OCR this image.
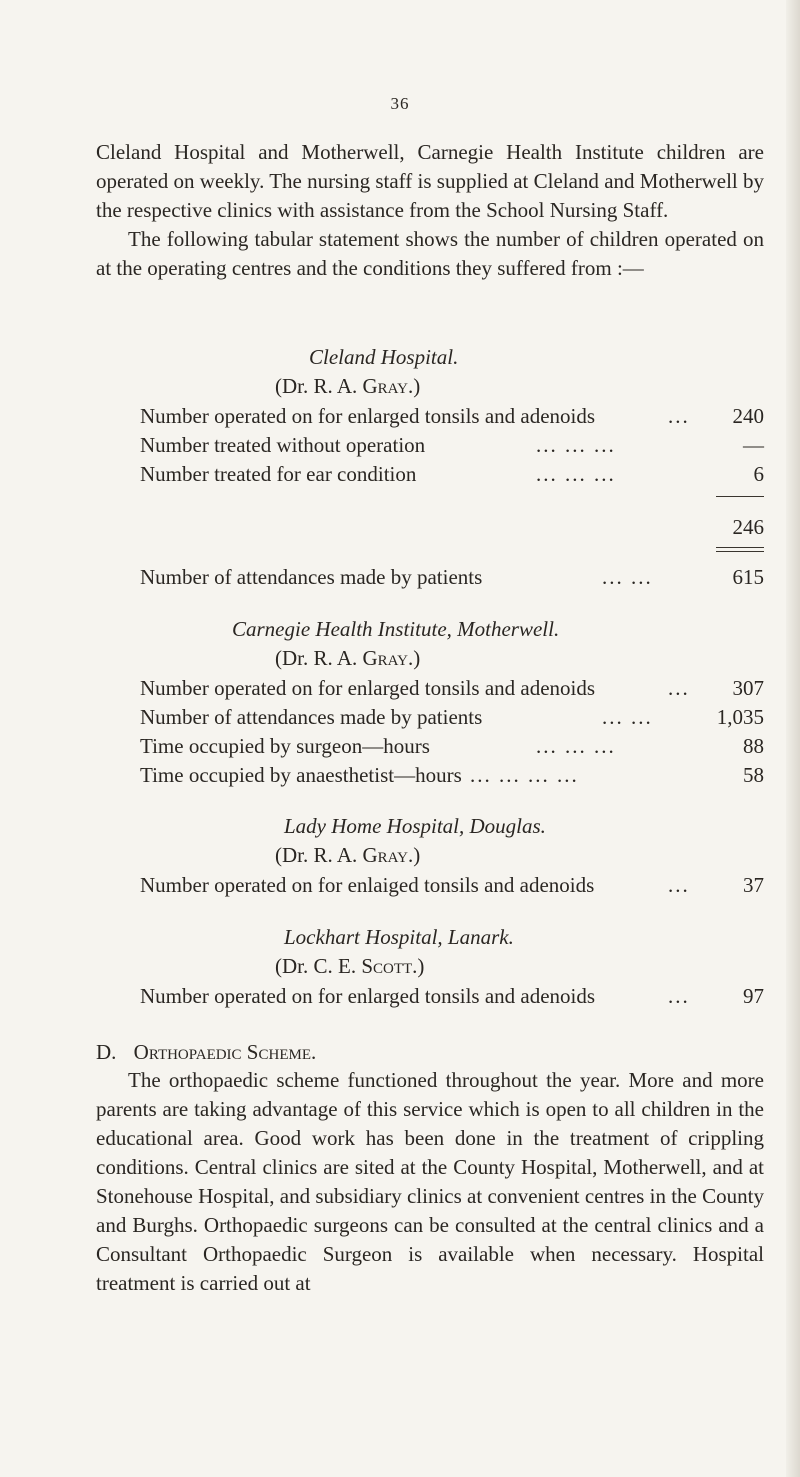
36

Cleland Hospital and Motherwell, Carnegie Health Institute children are operated on weekly. The nursing staff is supplied at Cleland and Motherwell by the respective clinics with assistance from the School Nursing Staff.

The following tabular statement shows the number of children operated on at the operating centres and the conditions they suffered from :—

Cleland Hospital.
(Dr. R. A. Gray.)
Number operated on for enlarged tonsils and adenoids	... 240
Number treated without operation	... ... ...	—
Number treated for ear condition	... ... ...	6
246
Number of attendances made by patients	... ...	615
Carnegie Health Institute, Motherwell.
(Dr. R. A. Gray.)
Number operated on for enlarged tonsils and adenoids	... 307
Number of attendances made by patients	... ...	1,035
Time occupied by surgeon—hours	... ... ...	88
Time occupied by anaesthetist—hours ... ... ... ...	58
Lady Home Hospital, Douglas.
(Dr. R. A. Gray.)
Number operated on for enlaiged tonsils and adenoids	...	37
Lockhart Hospital, Lanark.
(Dr. C. E. Scott.)
Number operated on for enlarged tonsils and adenoids	...	97
D. Orthopaedic Scheme.

The orthopaedic scheme functioned throughout the year. More and more parents are taking advantage of this service which is open to all children in the educational area. Good work has been done in the treatment of crippling conditions. Central clinics are sited at the County Hospital, Motherwell, and at Stonehouse Hospital, and subsidiary clinics at convenient centres in the County and Burghs. Orthopaedic surgeons can be consulted at the central clinics and a Consultant Orthopaedic Surgeon is available when necessary. Hospital treatment is carried out at
